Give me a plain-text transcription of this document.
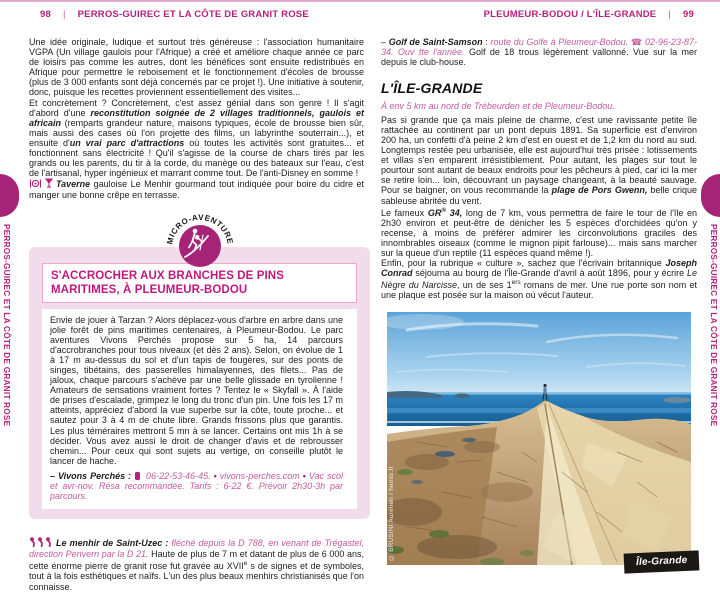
98 | PERROS-GUIREC ET LA CÔTE DE GRANIT ROSE	PLEUMEUR-BODOU / L'ÎLE-GRANDE | 99
PERROS-GUIREC ET LA CÔTE DE GRANIT ROSE	PERROS-GUIREC ET LA CÔTE DE GRANIT ROSE

Une idée originale, ludique et surtout très généreuse : l'association humanitaire VGPA (Un village gaulois pour l'Afrique) a créé et améliore chaque année ce parc de loisirs pas comme les autres, dont les bénéfices sont ensuite redistribués en Afrique pour permettre le reboisement et le fonctionnement d'écoles de brousse (plus de 3 000 enfants sont déjà concernés par ce projet !). Une initiative à soutenir, donc, puisque les recettes proviennent essentiellement des visites...

Et concrètement ? Concrètement, c'est assez génial dans son genre ! Il s'agit d'abord d'une reconstitution soignée de 2 villages traditionnels, gaulois et africain (remparts grandeur nature, maisons typiques, école de brousse bien sûr, mais aussi des cases où l'on projette des films, un labyrinthe souterrain...), et ensuite d'un vrai parc d'attractions où toutes les activités sont gratuites... et fonctionnent sans électricité ! Qu'il s'agisse de la course de chars tirés par les grands ou les parents, du tir à la corde, du manège ou des bateaux sur l'eau, c'est de l'artisanal, hyper ingénieux et marrant comme tout. De l'anti-Disney en somme !

Taverne gauloise Le Menhir gourmand tout indiquée pour boire du cidre et manger une bonne crêpe en terrasse.

MICRO-AVENTURE
S'ACCROCHER AUX BRANCHES DE PINS MARITIMES, À PLEUMEUR-BODOU

Envie de jouer à Tarzan ? Alors déplacez-vous d'arbre en arbre dans une jolie forêt de pins maritimes centenaires, à Pleumeur-Bodou. Le parc aventures Vivons Perchés propose sur 5 ha, 14 parcours d'accrobranches pour tous niveaux (et dès 2 ans). Selon, on évolue de 1 à 17 m au-dessus du sol et d'un tapis de fougères, sur des ponts de singes, tibétains, des passerelles himalayennes, des filets... Pas de jaloux, chaque parcours s'achève par une belle glissade en tyrolienne ! Amateurs de sensations vraiment fortes ? Tentez le « Skyfall ». À l'aide de prises d'escalade, grimpez le long du tronc d'un pin. Une fois les 17 m atteints, appréciez d'abord la vue superbe sur la côte, toute proche... et sautez pour 3 à 4 m de chute libre. Grands frissons plus que garantis. Les plus téméraires mettront 5 mn à se lancer. Certains ont mis 1h à se décider. Vous avez aussi le droit de changer d'avis et de rebrousser chemin... Pour ceux qui sont sujets au vertige, on conseille plutôt le lancer de hache.

– Vivons Perchés :  06-22-53-46-45. • vivons-perches.com • Vac scol et avr-nov. Résa recommandée. Tarifs : 6-22 €. Prévoir 2h30-3h par parcours.

Le menhir de Saint-Uzec : fléché depuis la D 788, en venant de Trégastel, direction Penvern par la D 21. Haute de plus de 7 m et datant de plus de 6 000 ans, cette énorme pierre de granit rose fut gravée au XVIIe s de signes et de symboles, tout à la fois esthétiques et naïfs. L'un des plus beaux menhirs christianisés que l'on connaisse.

– Golf de Saint-Samson : route du Golfe à Pleumeur-Bodou. ☎ 02-96-23-87-34. Ouv tte l'année. Golf de 18 trous légèrement vallonné. Vue sur la mer depuis le club-house.

L'ÎLE-GRANDE

À env 5 km au nord de Trébeurden et de Pleumeur-Bodou.

Pas si grande que ça mais pleine de charme, c'est une ravissante petite île rattachée au continent par un pont depuis 1891. Sa superficie est d'environ 200 ha, un confetti d'à peine 2 km d'est en ouest et de 1,2 km du nord au sud. Longtemps restée peu urbanisée, elle est aujourd'hui très prisée : lotissements et villas s'en emparent irrésistiblement. Pour autant, les plages sur tout le pourtour sont autant de beaux endroits pour les pêcheurs à pied, car ici la mer se retire loin... loin, découvrant un paysage changeant, à la beauté sauvage. Pour se baigner, on vous recommande la plage de Pors Gwenn, belle crique sableuse abritée du vent.

Le fameux GR® 34, long de 7 km, vous permettra de faire le tour de l'île en 2h30 environ et peut-être de dénicher les 5 espèces d'orchidées qu'on y recense, à moins de préférer admirer les circonvolutions graciles des innombrables oiseaux (comme le mignon pipit farlouse)... mais sans marcher sur la queue d'un reptile (11 espèces quand même !).

Enfin, pour la rubrique « culture », sachez que l'écrivain britannique Joseph Conrad séjourna au bourg de l'Île-Grande d'avril à août 1896, pour y écrire Le Nègre du Narcisse, un de ses 1ers romans de mer. Une rue porte son nom et une plaque est posée sur la maison où vécut l'auteur.

© BRUSINI Aurélien / hemis.fr
Île-Grande
